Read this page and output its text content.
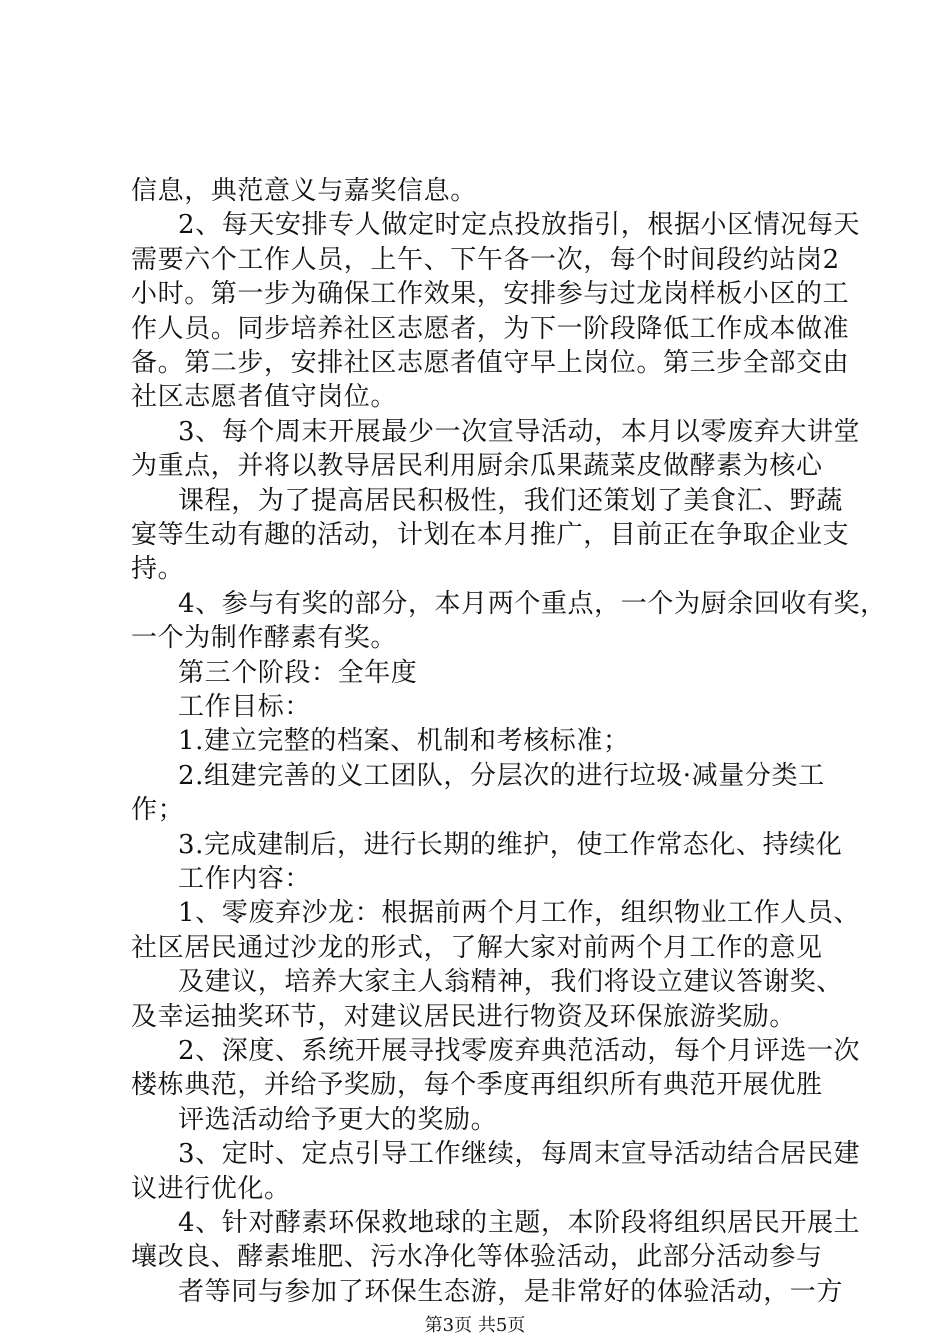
信息，典范意义与嘉奖信息。
2、每天安排专人做定时定点投放指引，根据小区情况每天
需要六个工作人员，上午、下午各一次，每个时间段约站岗2
小时。第一步为确保工作效果，安排参与过龙岗样板小区的工
作人员。同步培养社区志愿者，为下一阶段降低工作成本做准
备。第二步，安排社区志愿者值守早上岗位。第三步全部交由
社区志愿者值守岗位。
3、每个周末开展最少一次宣导活动，本月以零废弃大讲堂
为重点，并将以教导居民利用厨余瓜果蔬菜皮做酵素为核心
课程，为了提高居民积极性，我们还策划了美食汇、野蔬
宴等生动有趣的活动，计划在本月推广，目前正在争取企业支
持。
4、参与有奖的部分，本月两个重点，一个为厨余回收有奖，
一个为制作酵素有奖。
第三个阶段：全年度
工作目标：
1.建立完整的档案、机制和考核标准；
2.组建完善的义工团队，分层次的进行垃圾·减量分类工
作；
3.完成建制后，进行长期的维护，使工作常态化、持续化
工作内容：
1、零废弃沙龙：根据前两个月工作，组织物业工作人员、
社区居民通过沙龙的形式，了解大家对前两个月工作的意见
及建议，培养大家主人翁精神，我们将设立建议答谢奖、
及幸运抽奖环节，对建议居民进行物资及环保旅游奖励。
2、深度、系统开展寻找零废弃典范活动，每个月评选一次
楼栋典范，并给予奖励，每个季度再组织所有典范开展优胜
评选活动给予更大的奖励。
3、定时、定点引导工作继续，每周末宣导活动结合居民建
议进行优化。
4、针对酵素环保救地球的主题，本阶段将组织居民开展土
壤改良、酵素堆肥、污水净化等体验活动，此部分活动参与
者等同与参加了环保生态游，是非常好的体验活动，一方
第3页 共5页
